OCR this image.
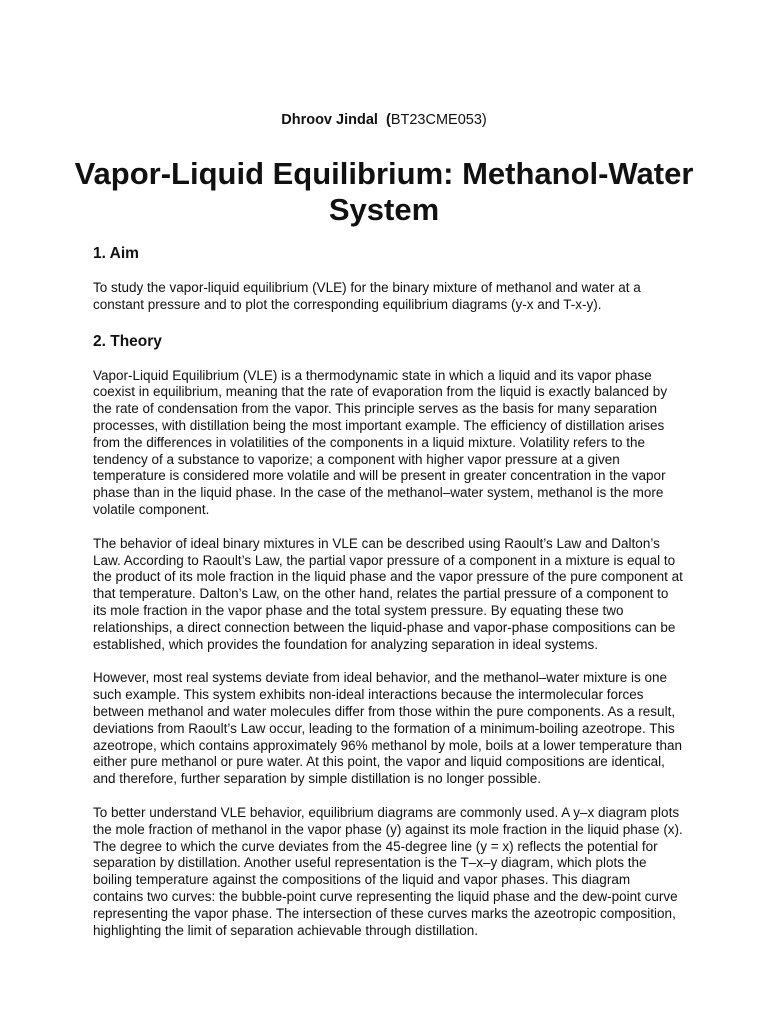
Dhroov Jindal (BT23CME053)
Vapor-Liquid Equilibrium: Methanol-Water System
1. Aim

To study the vapor-liquid equilibrium (VLE) for the binary mixture of methanol and water at a constant pressure and to plot the corresponding equilibrium diagrams (y-x and T-x-y).

2. Theory

Vapor-Liquid Equilibrium (VLE) is a thermodynamic state in which a liquid and its vapor phase coexist in equilibrium, meaning that the rate of evaporation from the liquid is exactly balanced by the rate of condensation from the vapor. This principle serves as the basis for many separation processes, with distillation being the most important example. The efficiency of distillation arises from the differences in volatilities of the components in a liquid mixture. Volatility refers to the tendency of a substance to vaporize; a component with higher vapor pressure at a given temperature is considered more volatile and will be present in greater concentration in the vapor phase than in the liquid phase. In the case of the methanol–water system, methanol is the more volatile component.

The behavior of ideal binary mixtures in VLE can be described using Raoult’s Law and Dalton’s Law. According to Raoult’s Law, the partial vapor pressure of a component in a mixture is equal to the product of its mole fraction in the liquid phase and the vapor pressure of the pure component at that temperature. Dalton’s Law, on the other hand, relates the partial pressure of a component to its mole fraction in the vapor phase and the total system pressure. By equating these two relationships, a direct connection between the liquid-phase and vapor-phase compositions can be established, which provides the foundation for analyzing separation in ideal systems.

However, most real systems deviate from ideal behavior, and the methanol–water mixture is one such example. This system exhibits non-ideal interactions because the intermolecular forces between methanol and water molecules differ from those within the pure components. As a result, deviations from Raoult’s Law occur, leading to the formation of a minimum-boiling azeotrope. This azeotrope, which contains approximately 96% methanol by mole, boils at a lower temperature than either pure methanol or pure water. At this point, the vapor and liquid compositions are identical, and therefore, further separation by simple distillation is no longer possible.

To better understand VLE behavior, equilibrium diagrams are commonly used. A y–x diagram plots the mole fraction of methanol in the vapor phase (y) against its mole fraction in the liquid phase (x). The degree to which the curve deviates from the 45-degree line (y = x) reflects the potential for separation by distillation. Another useful representation is the T–x–y diagram, which plots the boiling temperature against the compositions of the liquid and vapor phases. This diagram contains two curves: the bubble-point curve representing the liquid phase and the dew-point curve representing the vapor phase. The intersection of these curves marks the azeotropic composition, highlighting the limit of separation achievable through distillation.
